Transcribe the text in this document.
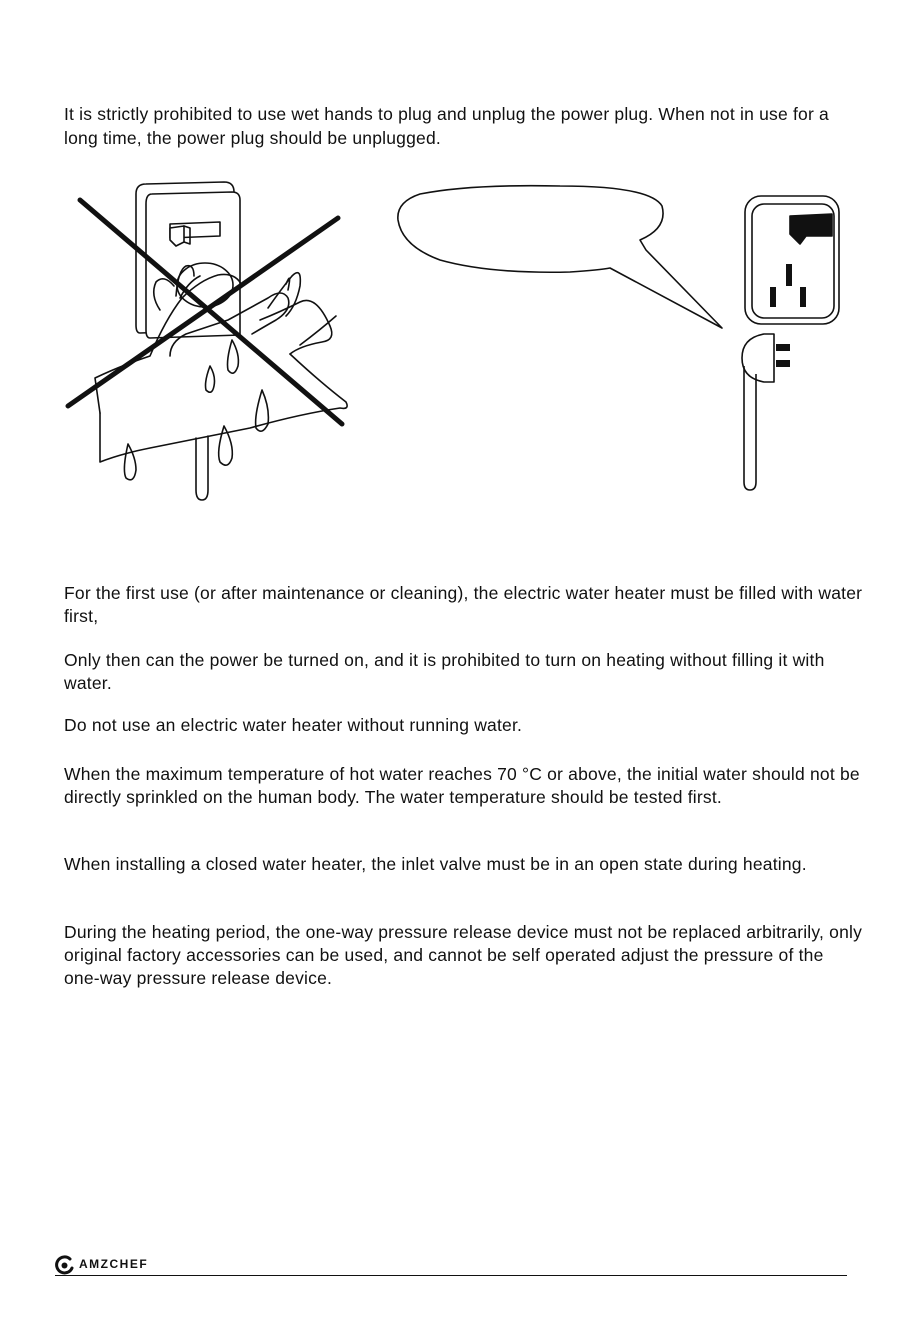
It is strictly prohibited to use wet hands to plug and unplug the power plug. When not in use for a long time, the power plug should be unplugged.
For the first use (or after maintenance or cleaning), the electric water heater must be filled with water first,
Only then can the power be turned on, and it is prohibited to turn on heating without filling it with water.
Do not use an electric water heater without running water.
When the maximum temperature of hot water reaches 70 °C or above, the initial water should not be directly sprinkled on the human body. The water temperature should be tested first.
When installing a closed water heater, the inlet valve must be in an open state during heating.
During the heating period, the one-way pressure release device must not be replaced arbitrarily, only original factory accessories can be used, and cannot be self operated adjust the pressure of the one-way pressure release device.
AMZCHEF
